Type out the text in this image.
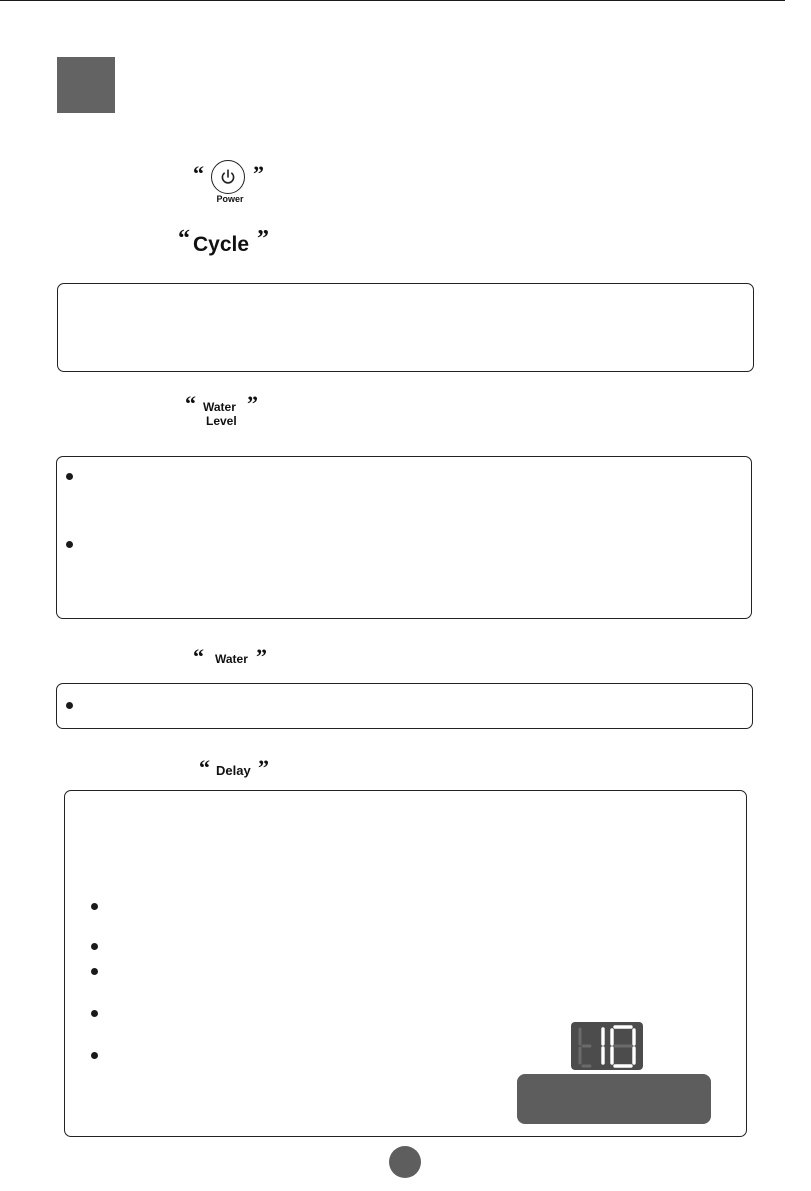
“
Power
”
“ Cycle ”
“ Water
Level
”
“ Water ”
“ Delay ”
